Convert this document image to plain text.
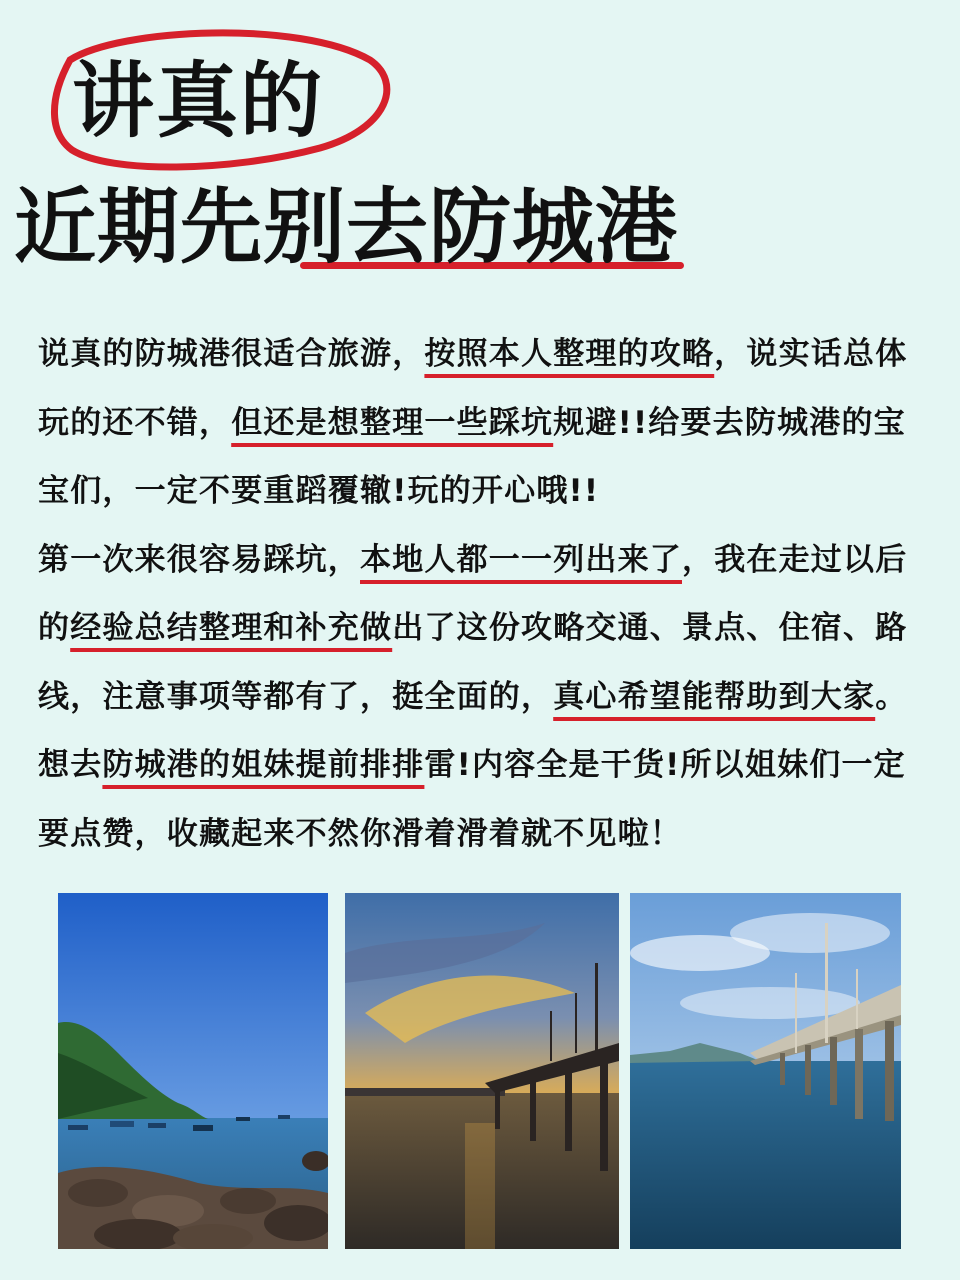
讲真的
近期先别去防城港
说真的防城港很适合旅游，按照本人整理的攻略，说实话总体玩的还不错，但还是想整理一些踩坑规避!!给要去防城港的宝宝们，一定不要重蹈覆辙!玩的开心哦!!
第一次来很容易踩坑，本地人都一一列出来了，我在走过以后的经验总结整理和补充做出了这份攻略交通、景点、住宿、路线，注意事项等都有了，挺全面的，真心希望能帮助到大家。
想去防城港的姐妹提前排排雷!内容全是干货!所以姐妹们一定要点赞，收藏起来不然你滑着滑着就不见啦！
